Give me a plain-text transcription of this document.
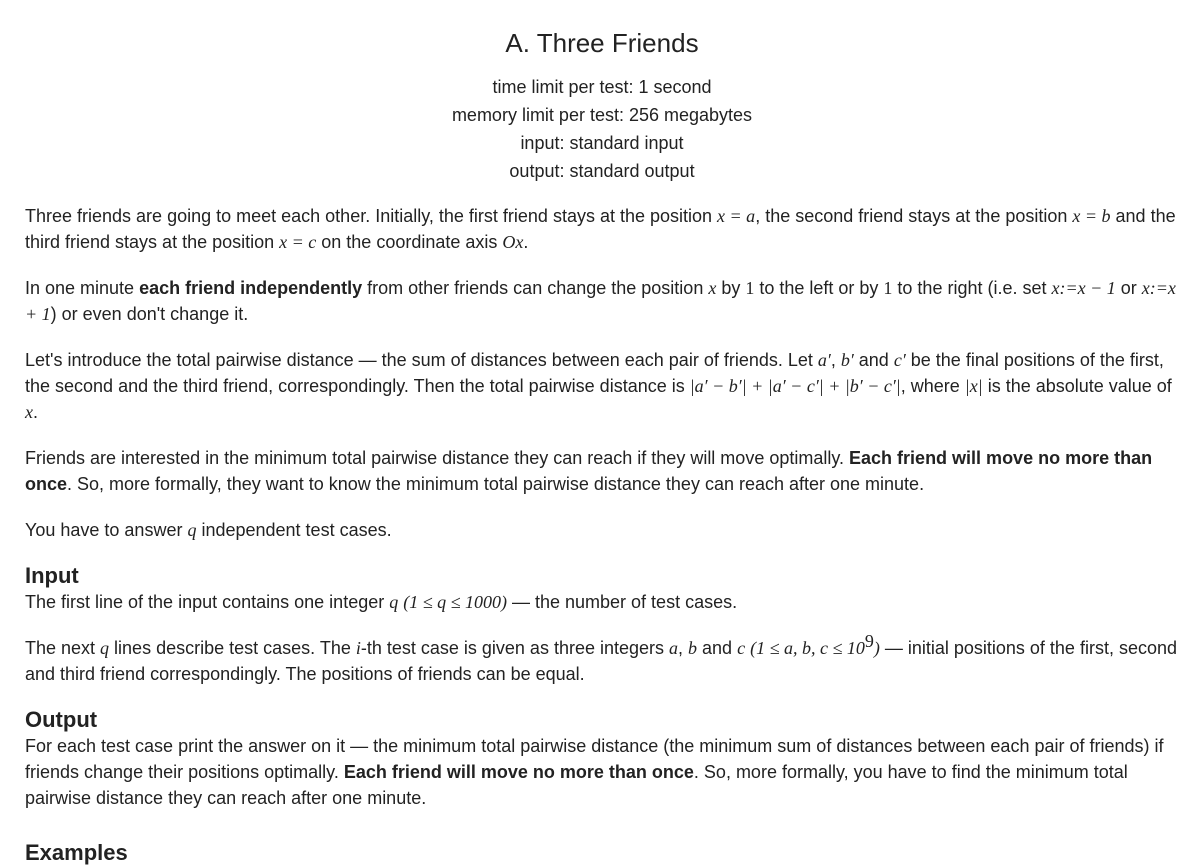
A. Three Friends
time limit per test: 1 second
memory limit per test: 256 megabytes
input: standard input
output: standard output

Three friends are going to meet each other. Initially, the first friend stays at the position x = a, the second friend stays at the position x = b and the third friend stays at the position x = c on the coordinate axis Ox.

In one minute each friend independently from other friends can change the position x by 1 to the left or by 1 to the right (i.e. set x:=x − 1 or x:=x + 1) or even don't change it.

Let's introduce the total pairwise distance — the sum of distances between each pair of friends. Let a′, b′ and c′ be the final positions of the first, the second and the third friend, correspondingly. Then the total pairwise distance is |a′ − b′| + |a′ − c′| + |b′ − c′|, where |x| is the absolute value of x.

Friends are interested in the minimum total pairwise distance they can reach if they will move optimally. Each friend will move no more than once. So, more formally, they want to know the minimum total pairwise distance they can reach after one minute.

You have to answer q independent test cases.

Input

The first line of the input contains one integer q (1 ≤ q ≤ 1000) — the number of test cases.

The next q lines describe test cases. The i-th test case is given as three integers a, b and c (1 ≤ a, b, $c \le 10^9$) — initial positions of the first, second and third friend correspondingly. The positions of friends can be equal.

Output

For each test case print the answer on it — the minimum total pairwise distance (the minimum sum of distances between each pair of friends) if friends change their positions optimally. Each friend will move no more than once. So, more formally, you have to find the minimum total pairwise distance they can reach after one minute.

Examples
